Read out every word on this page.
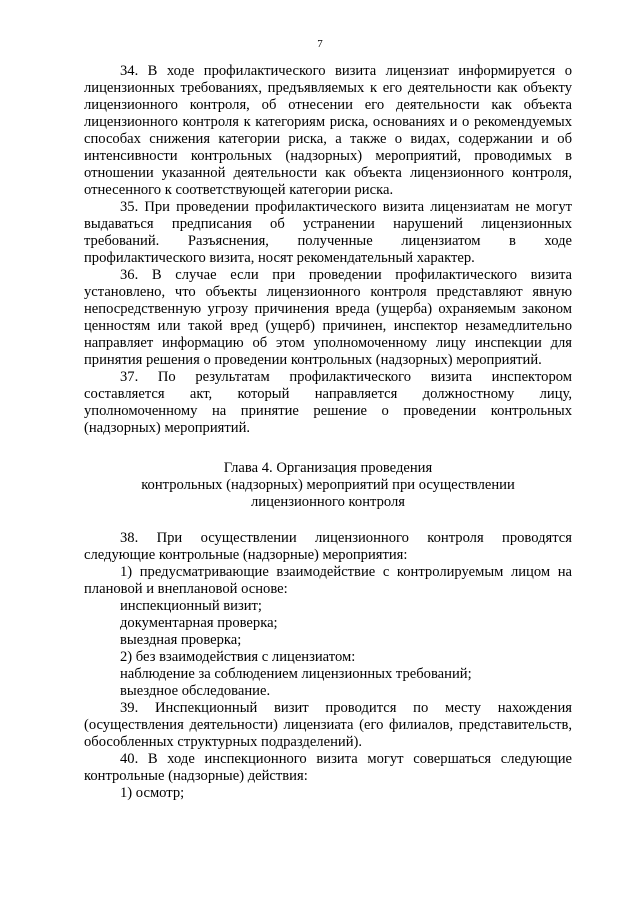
7

34. В ходе профилактического визита лицензиат информируется о лицензионных требованиях, предъявляемых к его деятельности как объекту лицензионного контроля, об отнесении его деятельности как объекта лицензионного контроля к категориям риска, основаниях и о рекомендуемых способах снижения категории риска, а также о видах, содержании и об интенсивности контрольных (надзорных) мероприятий, проводимых в отношении указанной деятельности как объекта лицензионного контроля, отнесенного к соответствующей категории риска.

35. При проведении профилактического визита лицензиатам не могут выдаваться предписания об устранении нарушений лицензионных требований. Разъяснения, полученные лицензиатом в ходе профилактического визита, носят рекомендательный характер.

36. В случае если при проведении профилактического визита установлено, что объекты лицензионного контроля представляют явную непосредственную угрозу причинения вреда (ущерба) охраняемым законом ценностям или такой вред (ущерб) причинен, инспектор незамедлительно направляет информацию об этом уполномоченному лицу инспекции для принятия решения о проведении контрольных (надзорных) мероприятий.

37. По результатам профилактического визита инспектором составляется акт, который направляется должностному лицу, уполномоченному на принятие решение о проведении контрольных (надзорных) мероприятий.

Глава 4. Организация проведения
контрольных (надзорных) мероприятий при осуществлении
лицензионного контроля

38. При осуществлении лицензионного контроля проводятся следующие контрольные (надзорные) мероприятия:

1) предусматривающие взаимодействие с контролируемым лицом на плановой и внеплановой основе:

инспекционный визит;

документарная проверка;

выездная проверка;

2) без взаимодействия с лицензиатом:

наблюдение за соблюдением лицензионных требований;

выездное обследование.

39. Инспекционный визит проводится по месту нахождения (осуществления деятельности) лицензиата (его филиалов, представительств, обособленных структурных подразделений).

40. В ходе инспекционного визита могут совершаться следующие контрольные (надзорные) действия:

1) осмотр;
